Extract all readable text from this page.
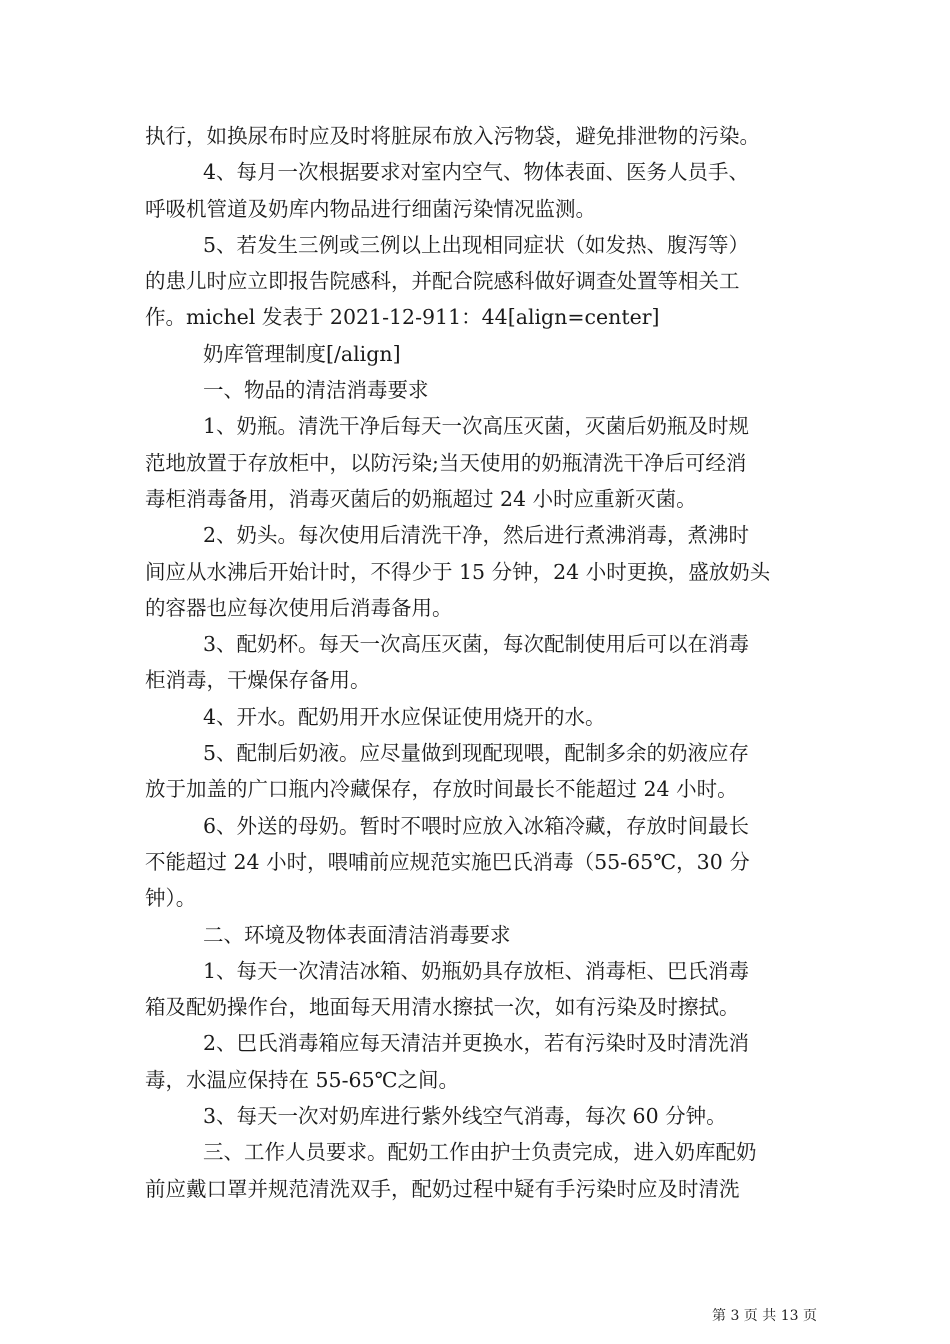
执行，如换尿布时应及时将脏尿布放入污物袋，避免排泄物的污染。
4、每月一次根据要求对室内空气、物体表面、医务人员手、
呼吸机管道及奶库内物品进行细菌污染情况监测。
5、若发生三例或三例以上出现相同症状（如发热、腹泻等）
的患儿时应立即报告院感科，并配合院感科做好调查处置等相关工
作。michel 发表于 2021-12-911：44[align=center]
奶库管理制度[/align]
一、物品的清洁消毒要求
1、奶瓶。清洗干净后每天一次高压灭菌，灭菌后奶瓶及时规
范地放置于存放柜中，以防污染;当天使用的奶瓶清洗干净后可经消
毒柜消毒备用，消毒灭菌后的奶瓶超过 24 小时应重新灭菌。
2、奶头。每次使用后清洗干净，然后进行煮沸消毒，煮沸时
间应从水沸后开始计时，不得少于 15 分钟，24 小时更换，盛放奶头
的容器也应每次使用后消毒备用。
3、配奶杯。每天一次高压灭菌，每次配制使用后可以在消毒
柜消毒，干燥保存备用。
4、开水。配奶用开水应保证使用烧开的水。
5、配制后奶液。应尽量做到现配现喂，配制多余的奶液应存
放于加盖的广口瓶内冷藏保存，存放时间最长不能超过 24 小时。
6、外送的母奶。暂时不喂时应放入冰箱冷藏，存放时间最长
不能超过 24 小时，喂哺前应规范实施巴氏消毒（55-65℃，30 分
钟）。
二、环境及物体表面清洁消毒要求
1、每天一次清洁冰箱、奶瓶奶具存放柜、消毒柜、巴氏消毒
箱及配奶操作台，地面每天用清水擦拭一次，如有污染及时擦拭。
2、巴氏消毒箱应每天清洁并更换水，若有污染时及时清洗消
毒，水温应保持在 55-65℃之间。
3、每天一次对奶库进行紫外线空气消毒，每次 60 分钟。
三、工作人员要求。配奶工作由护士负责完成，进入奶库配奶
前应戴口罩并规范清洗双手，配奶过程中疑有手污染时应及时清洗
第 3 页 共 13 页
